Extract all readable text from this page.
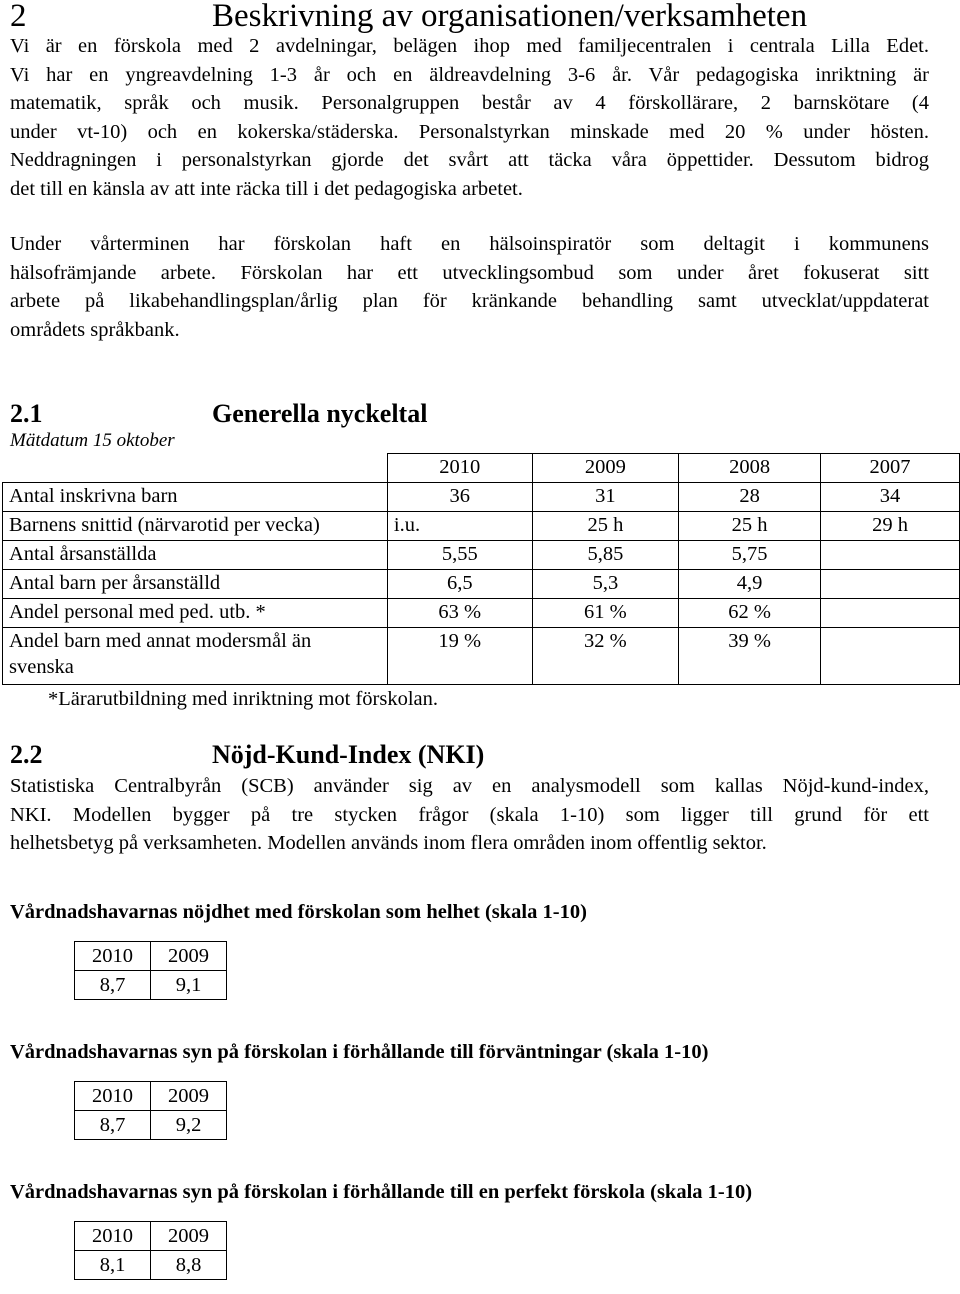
2	Beskrivning av organisationen/verksamheten
Vi är en förskola med 2 avdelningar, belägen ihop med familjecentralen i centrala Lilla Edet.
Vi har en yngreavdelning 1-3 år och en äldreavdelning 3-6 år. Vår pedagogiska inriktning är
matematik, språk och musik. Personalgruppen består av 4 förskollärare, 2 barnskötare (4
under vt-10) och en kokerska/städerska. Personalstyrkan minskade med 20 % under hösten.
Neddragningen i personalstyrkan gjorde det svårt att täcka våra öppettider. Dessutom bidrog
det till en känsla av att inte räcka till i det pedagogiska arbetet.
Under vårterminen har förskolan haft en hälsoinspiratör som deltagit i kommunens
hälsofrämjande arbete. Förskolan har ett utvecklingsombud som under året fokuserat sitt
arbete på likabehandlingsplan/årlig plan för kränkande behandling samt utvecklat/uppdaterat
områdets språkbank.
2.1	Generella nyckeltal
Mätdatum 15 oktober
	2010	2009	2008	2007
Antal inskrivna barn	36	31	28	34
Barnens snittid (närvarotid per vecka)	i.u.	25 h	25 h	29 h
Antal årsanställda	5,55	5,85	5,75	
Antal barn per årsanställd	6,5	5,3	4,9	
Andel personal med ped. utb. *	63 %	61 %	62 %	

Andel barn med annat modersmål än
svenska	19 %	32 %	39 %	
*Lärarutbildning med inriktning mot förskolan.
2.2	Nöjd-Kund-Index (NKI)
Statistiska Centralbyrån (SCB) använder sig av en analysmodell som kallas Nöjd-kund-index,
NKI. Modellen bygger på tre stycken frågor (skala 1-10) som ligger till grund för ett
helhetsbetyg på verksamheten. Modellen används inom flera områden inom offentlig sektor.
Vårdnadshavarnas nöjdhet med förskolan som helhet (skala 1-10)
2010	2009
8,7	9,1
Vårdnadshavarnas syn på förskolan i förhållande till förväntningar (skala 1-10)
2010	2009
8,7	9,2
Vårdnadshavarnas syn på förskolan i förhållande till en perfekt förskola (skala 1-10)
2010	2009
8,1	8,8
